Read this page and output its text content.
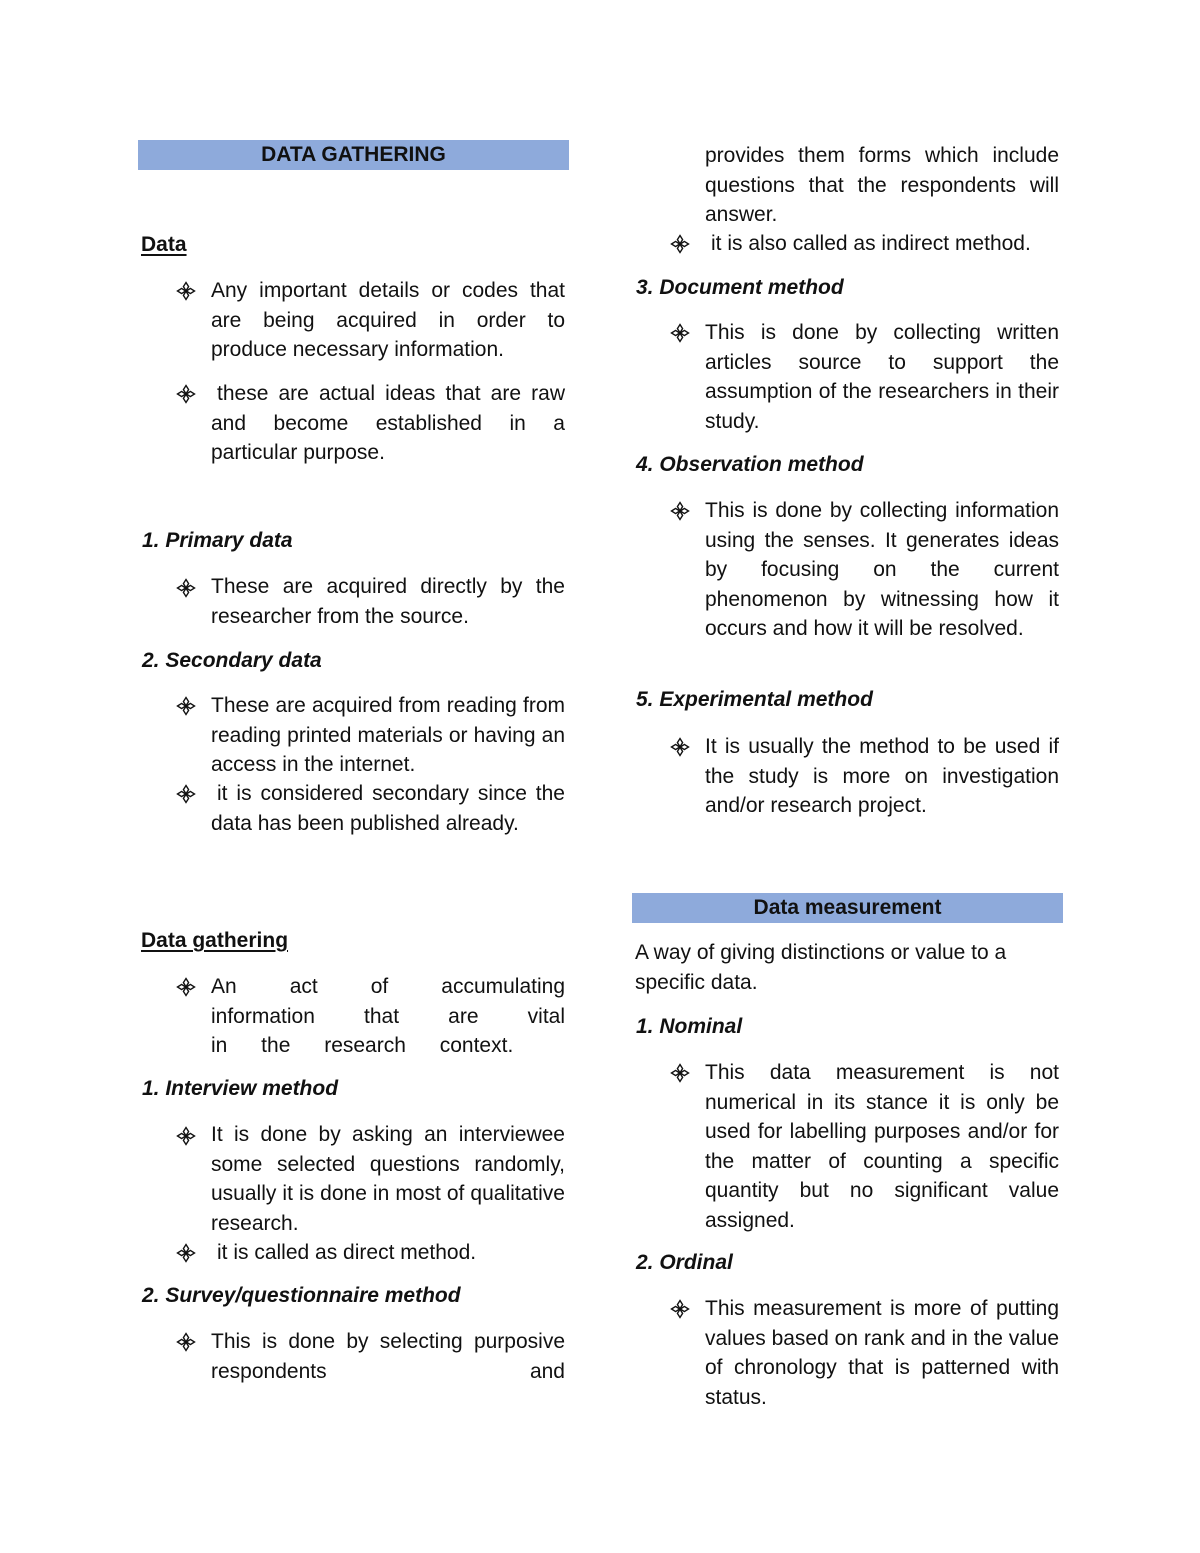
DATA GATHERING
Data
Any important details or codes that are being acquired in order to produce necessary information.
these are actual ideas that are raw and become established in a particular purpose.
1. Primary data
These are acquired directly by the researcher from the source.
2. Secondary data
These are acquired from reading from reading printed materials or having an access in the internet.
it is considered secondary since the data has been published already.
Data gathering
An act of accumulating information that are vital in the research context.
1. Interview method
It is done by asking an interviewee some selected questions randomly, usually it is done in most of qualitative research.
it is called as direct method.
2. Survey/questionnaire method
This is done by selecting purposive respondents and
provides them forms which include questions that the respondents will answer.
it is also called as indirect method.
3. Document method
This is done by collecting written articles source to support the assumption of the researchers in their study.
4. Observation method
This is done by collecting information using the senses. It generates ideas by focusing on the current phenomenon by witnessing how it occurs and how it will be resolved.
5. Experimental method
It is usually the method to be used if the study is more on investigation and/or research project.
Data measurement
A way of giving distinctions or value to a specific data.
1. Nominal
This data measurement is not numerical in its stance it is only be used for labelling purposes and/or for the matter of counting a specific quantity but no significant value assigned.
2. Ordinal
This measurement is more of putting values based on rank and in the value of chronology that is patterned with status.
